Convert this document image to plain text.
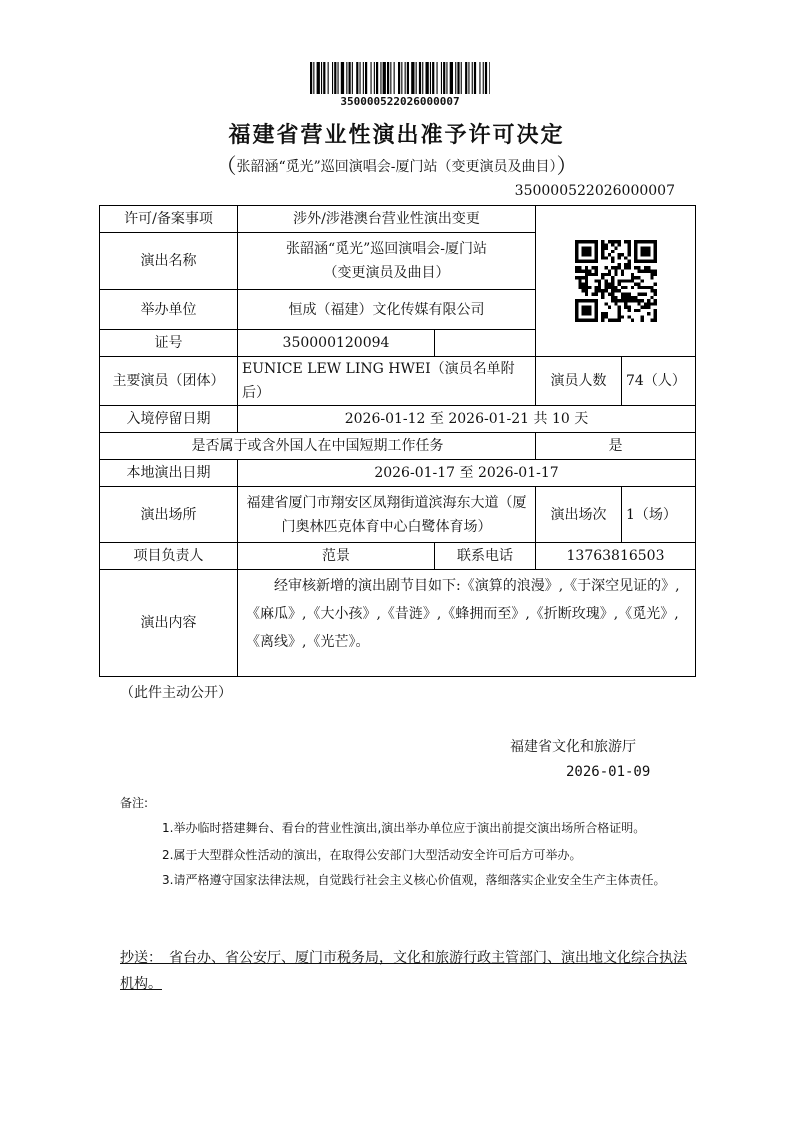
350000522026000007
福建省营业性演出准予许可决定
（张韶涵“觅光”巡回演唱会-厦门站（变更演员及曲目））
350000522026000007
许可/备案事项	涉外/涉港澳台营业性演出变更	

演出名称	张韶涵“觅光”巡回演唱会-厦门站
（变更演员及曲目）			

举办单位	恒成（福建）文化传媒有限公司			
证号	350000120094			
主要演员（团体）	EUNICE LEW LING HWEI（演员名单附后）		演员人数	74（人）
入境停留日期	2026-01-12 至 2026-01-21 共 10 天			
是否属于或含外国人在中国短期工作任务			是	
本地演出日期	2026-01-17 至 2026-01-17			
演出场所	福建省厦门市翔安区凤翔街道滨海东大道（厦门奥林匹克体育中心白鹭体育场）		演出场次	1（场）
项目负责人	范景	联系电话	13763816503	
演出内容	　　经审核新增的演出剧节目如下:《演算的浪漫》,《于深空见证的》,《麻瓜》,《大小孩》,《昔涟》,《蜂拥而至》,《折断玫瑰》,《觅光》,《离线》,《光芒》。			
（此件主动公开）
福建省文化和旅游厅
2026-01-09
备注:
1.举办临时搭建舞台、看台的营业性演出,演出举办单位应于演出前提交演出场所合格证明。
2.属于大型群众性活动的演出，在取得公安部门大型活动安全许可后方可举办。
3.请严格遵守国家法律法规，自觉践行社会主义核心价值观，落细落实企业安全生产主体责任。
抄送：　省台办、省公安厅、厦门市税务局，文化和旅游行政主管部门、演出地文化综合执法机构。
